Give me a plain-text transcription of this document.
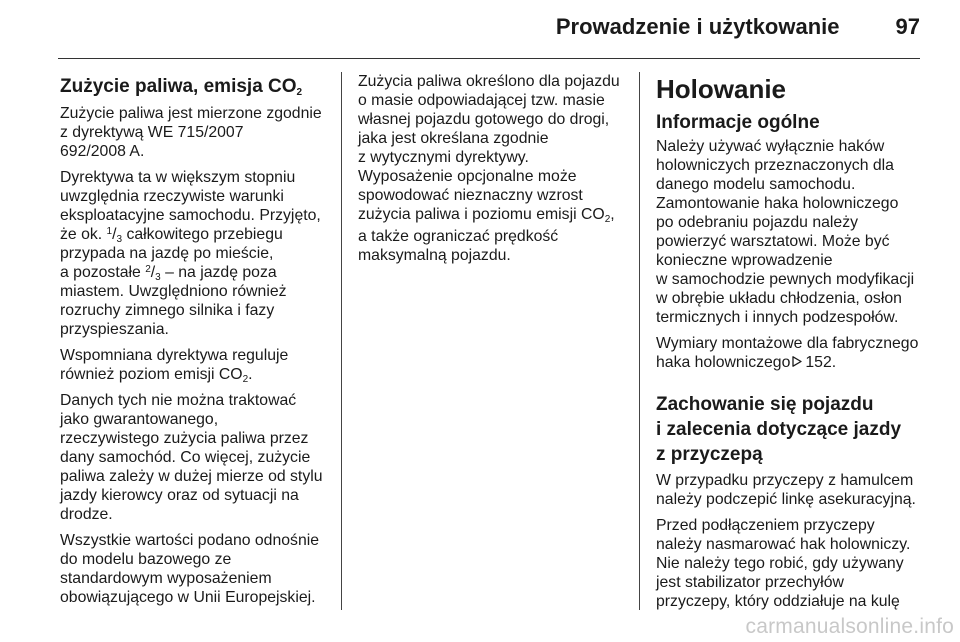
Prowadzenie i użytkowanie	97
Zużycie paliwa, emisja $CO_2$

Zużycie paliwa jest mierzone zgodnie
z dyrektywą WE 715/2007
692/2008 A.

Dyrektywa ta w większym stopniu
uwzględnia rzeczywiste warunki
eksploatacyjne samochodu. Przyjęto,
że ok. $^1/_3$ całkowitego przebiegu
przypada na jazdę po mieście,
a pozostałe $^2/_3$ – na jazdę poza
miastem. Uwzględniono również
rozruchy zimnego silnika i fazy
przyspieszania.

Wspomniana dyrektywa reguluje
również poziom emisji $CO_2$.

Danych tych nie można traktować
jako gwarantowanego,
rzeczywistego zużycia paliwa przez
dany samochód. Co więcej, zużycie
paliwa zależy w dużej mierze od stylu
jazdy kierowcy oraz od sytuacji na
drodze.

Wszystkie wartości podano odnośnie
do modelu bazowego ze
standardowym wyposażeniem
obowiązującego w Unii Europejskiej.

Zużycia paliwa określono dla pojazdu
o masie odpowiadającej tzw. masie
własnej pojazdu gotowego do drogi,
jaka jest określana zgodnie
z wytycznymi dyrektywy.
Wyposażenie opcjonalne może
spowodować nieznaczny wzrost
zużycia paliwa i poziomu emisji $CO_2$,

a także ograniczać prędkość
maksymalną pojazdu.

Holowanie
Informacje ogólne

Należy używać wyłącznie haków
holowniczych przeznaczonych dla
danego modelu samochodu.
Zamontowanie haka holowniczego
po odebraniu pojazdu należy
powierzyć warsztatowi. Może być
konieczne wprowadzenie
w samochodzie pewnych modyfikacji
w obrębie układu chłodzenia, osłon
termicznych i innych podzespołów.

Wymiary montażowe dla fabrycznego
haka holowniczego 152.

Zachowanie się pojazdu
i zalecenia dotyczące jazdy
z przyczepą

W przypadku przyczepy z hamulcem
należy podczepić linkę asekuracyjną.

Przed podłączeniem przyczepy
należy nasmarować hak holowniczy.
Nie należy tego robić, gdy używany
jest stabilizator przechyłów
przyczepy, który oddziałuje na kulę

carmanualsonline.info
